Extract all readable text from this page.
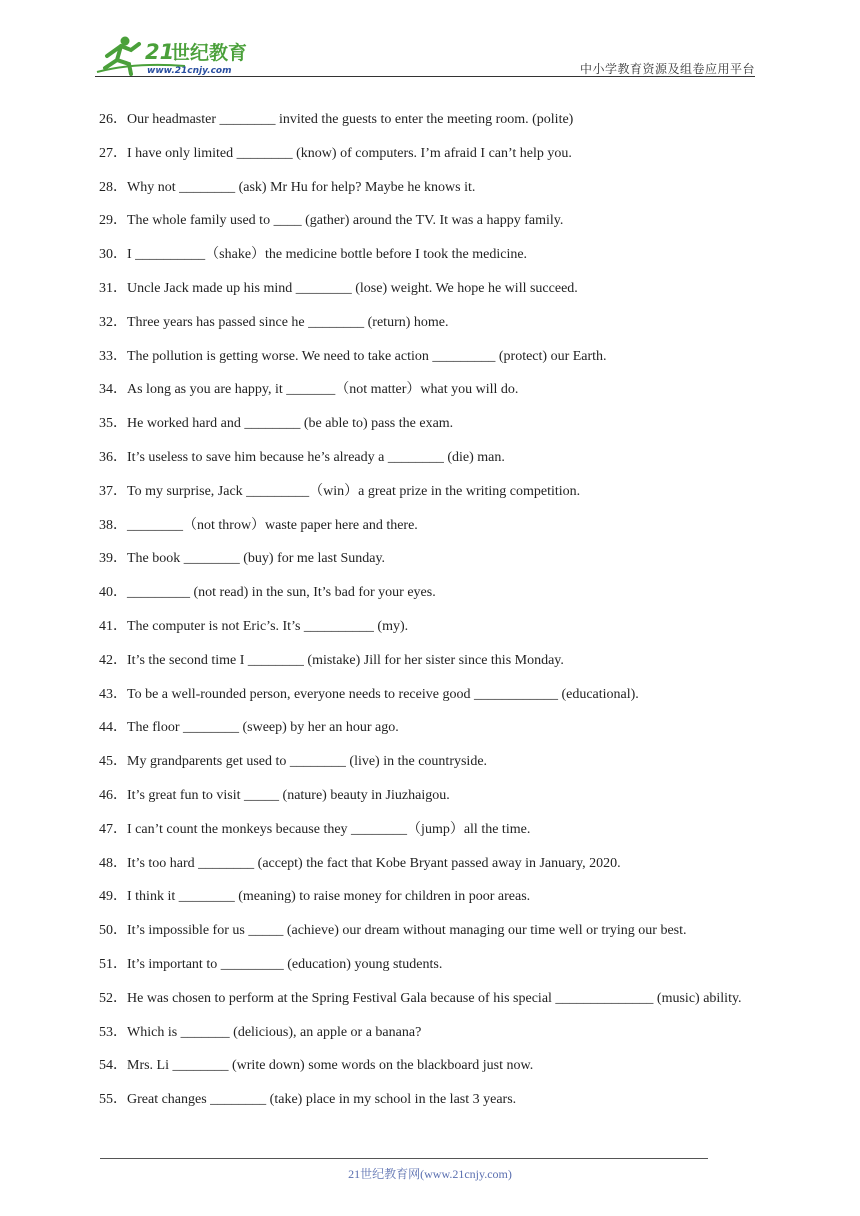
21
世纪教育
www.21cnjy.com	中小学教育资源及组卷应用平台

26．Our headmaster ________ invited the guests to enter the meeting room. (polite)

27．I have only limited ________ (know) of computers. I’m afraid I can’t help you.

28．Why not ________ (ask) Mr Hu for help? Maybe he knows it.

29．The whole family used to ____ (gather) around the TV. It was a happy family.

30．I __________（shake）the medicine bottle before I took the medicine.

31．Uncle Jack made up his mind ________ (lose) weight. We hope he will succeed.

32．Three years has passed since he ________ (return) home.

33．The pollution is getting worse. We need to take action _________ (protect) our Earth.

34．As long as you are happy, it _______（not matter）what you will do.

35．He worked hard and ________ (be able to) pass the exam.

36．It’s useless to save him because he’s already a ________ (die) man.

37．To my surprise, Jack _________（win）a great prize in the writing competition.

38．________（not throw）waste paper here and there.

39．The book ________ (buy) for me last Sunday.

40．_________ (not read) in the sun, It’s bad for your eyes.

41．The computer is not Eric’s. It’s __________ (my).

42．It’s the second time I ________ (mistake) Jill for her sister since this Monday.

43．To be a well-rounded person, everyone needs to receive good ____________ (educational).

44．The floor ________ (sweep) by her an hour ago.

45．My grandparents get used to ________ (live) in the countryside.

46．It’s great fun to visit _____ (nature) beauty in Jiuzhaigou.

47．I can’t count the monkeys because they ________（jump）all the time.

48．It’s too hard ________ (accept) the fact that Kobe Bryant passed away in January, 2020.

49．I think it ________ (meaning) to raise money for children in poor areas.

50．It’s impossible for us _____ (achieve) our dream without managing our time well or trying our best.

51．It’s important to _________ (education) young students.

52．He was chosen to perform at the Spring Festival Gala because of his special ______________ (music) ability.

53．Which is _______ (delicious), an apple or a banana?

54．Mrs. Li ________ (write down) some words on the blackboard just now.

55．Great changes ________ (take) place in my school in the last 3 years.

21世纪教育网(www.21cnjy.com)
